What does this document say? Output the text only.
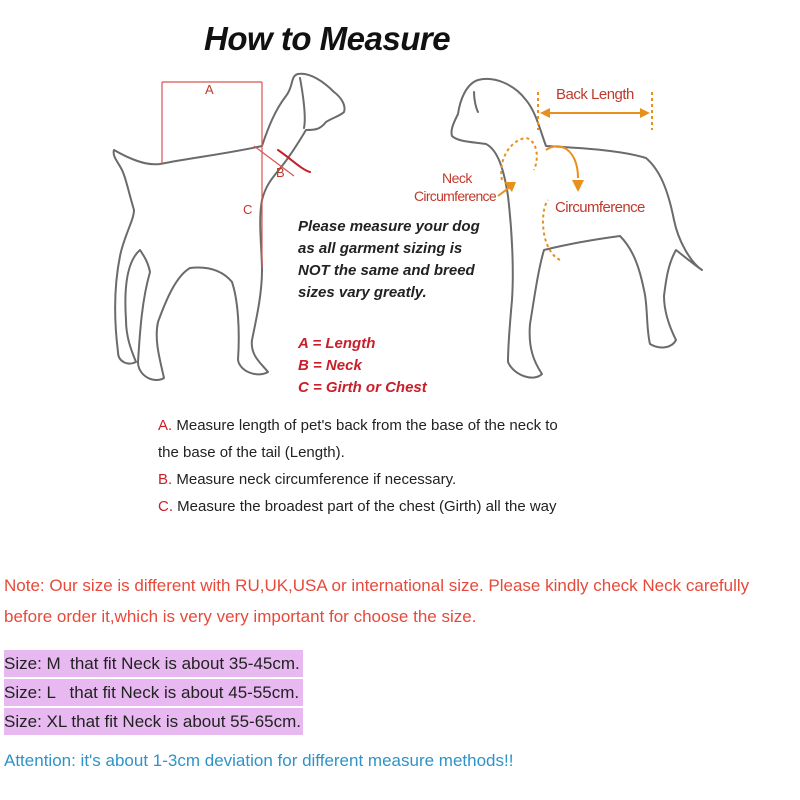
How to Measure
A
B
C
Back Length
Neck
Circumference
Circumference
Please measure your dog
as all garment sizing is
NOT the same and breed
sizes vary greatly.
A = Length
B = Neck
C = Girth or Chest
A. Measure length of pet's back from the base of the neck to
the base of the tail (Length).
B. Measure neck circumference if necessary.
C. Measure the broadest part of the chest (Girth) all the way

Note: Our size is different with RU,UK,USA or international size. Please kindly check Neck carefully before order it,which is very very important for choose the size.

Size: M  that fit Neck is about 35-45cm.
Size: L   that fit Neck is about 45-55cm.
Size: XL that fit Neck is about 55-65cm.

Attention: it's about 1-3cm deviation for different measure methods!!
